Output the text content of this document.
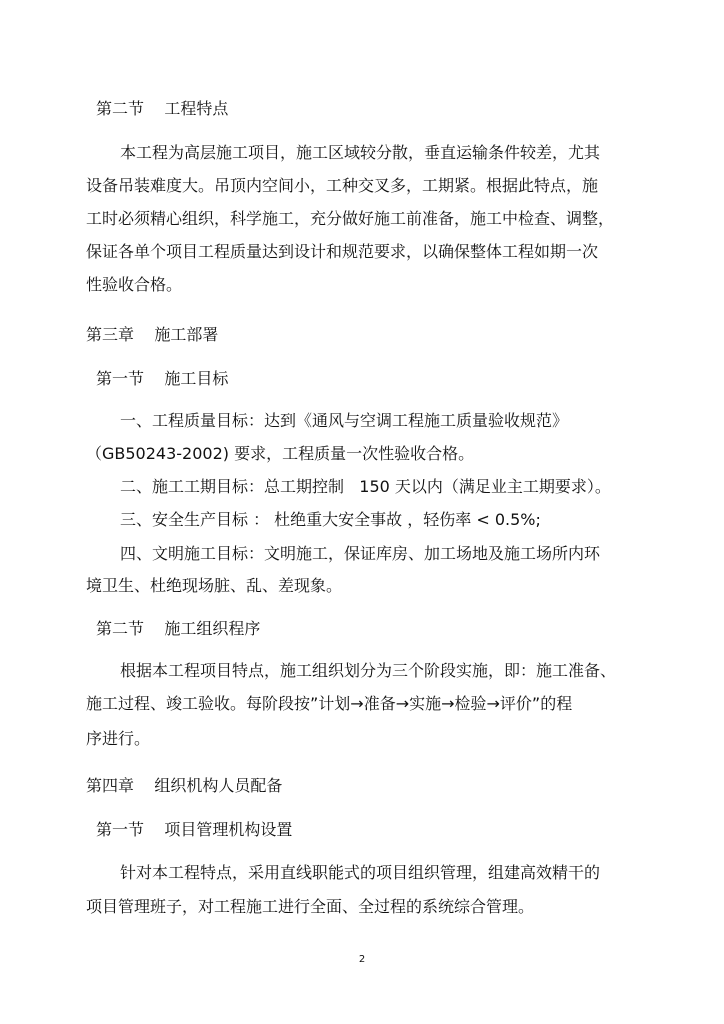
第二节    工程特点
本工程为高层施工项目，施工区域较分散，垂直运输条件较差，尤其
设备吊装难度大。吊顶内空间小，工种交叉多，工期紧。根据此特点，施
工时必须精心组织，科学施工，充分做好施工前准备，施工中检查、调整，
保证各单个项目工程质量达到设计和规范要求，以确保整体工程如期一次
性验收合格。
第三章    施工部署
第一节    施工目标
一、工程质量目标：达到《通风与空调工程施工质量验收规范》
（GB50243-2002) 要求，工程质量一次性验收合格。
二、施工工期目标：总工期控制   150 天以内（满足业主工期要求）。
三、安全生产目标 ： 杜绝重大安全事故 ，轻伤率 < 0.5%;
四、文明施工目标：文明施工，保证库房、加工场地及施工场所内环
境卫生、杜绝现场脏、乱、差现象。
第二节    施工组织程序
根据本工程项目特点，施工组织划分为三个阶段实施，即：施工准备、
施工过程、竣工验收。每阶段按”计划→准备→实施→检验→评价”的程
序进行。
第四章    组织机构人员配备
第一节    项目管理机构设置
针对本工程特点，采用直线职能式的项目组织管理，组建高效精干的
项目管理班子，对工程施工进行全面、全过程的系统综合管理。
2
